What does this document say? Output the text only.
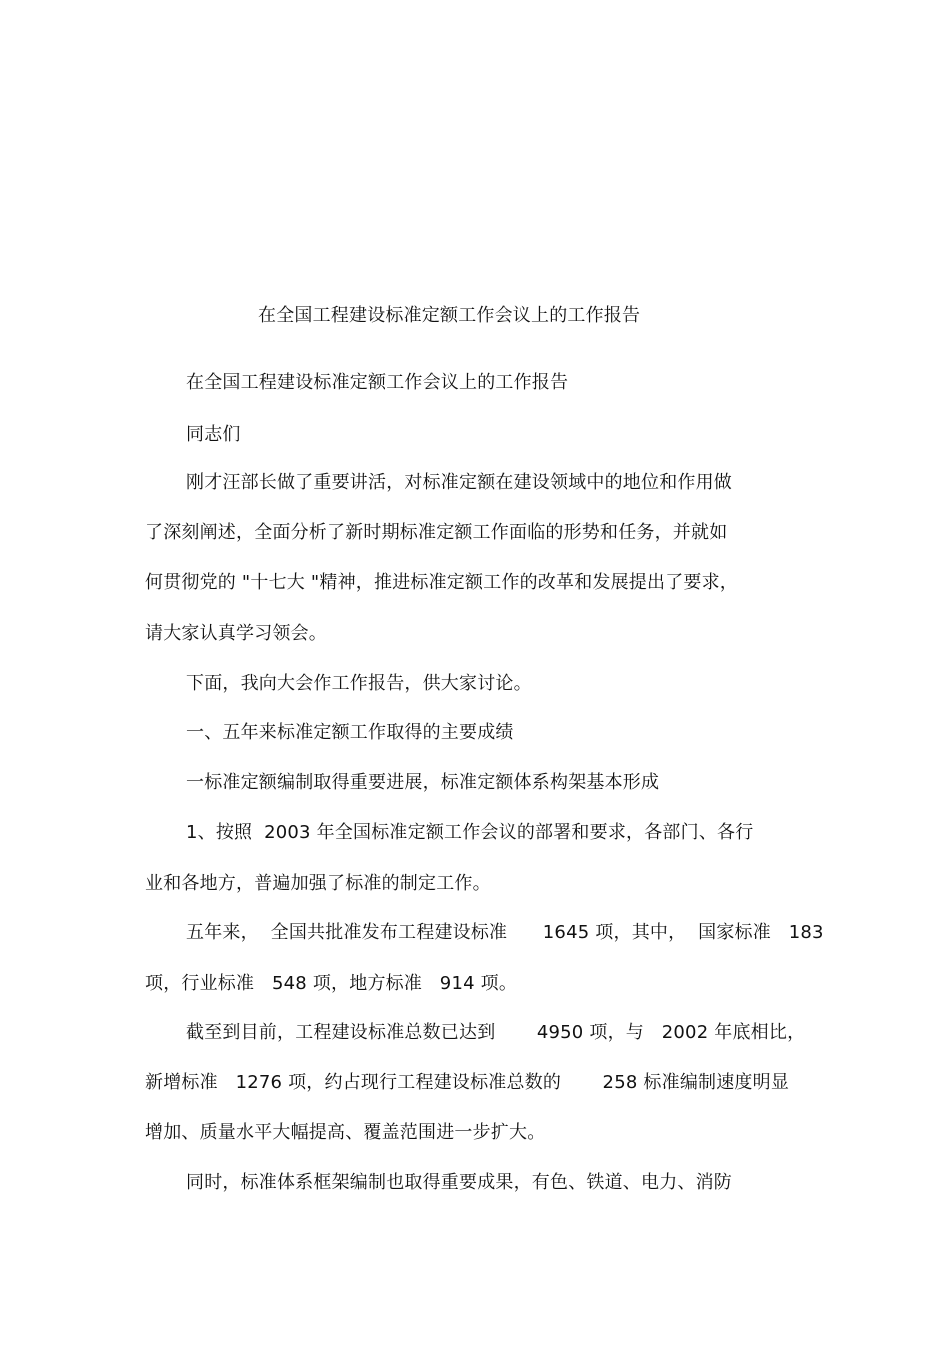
在全国工程建设标准定额工作会议上的工作报告
在全国工程建设标准定额工作会议上的工作报告
同志们
刚才汪部长做了重要讲活，对标准定额在建设领域中的地位和作用做
了深刻阐述，全面分析了新时期标准定额工作面临的形势和任务，并就如
何贯彻党的 "十七大 "精神，推进标准定额工作的改革和发展提出了要求，
请大家认真学习领会。
下面，我向大会作工作报告，供大家讨论。
一、五年来标准定额工作取得的主要成绩
一标准定额编制取得重要进展，标准定额体系构架基本形成
1、按照  2003 年全国标准定额工作会议的部署和要求，各部门、各行
业和各地方，普遍加强了标准的制定工作。
五年来，  全国共批准发布工程建设标准      1645 项，其中，  国家标准   183
项，行业标准   548 项，地方标准   914 项。
截至到目前，工程建设标准总数已达到       4950 项，与   2002 年底相比，
新增标准   1276 项，约占现行工程建设标准总数的       258 标准编制速度明显
增加、质量水平大幅提高、覆盖范围进一步扩大。
同时，标准体系框架编制也取得重要成果，有色、铁道、电力、消防
